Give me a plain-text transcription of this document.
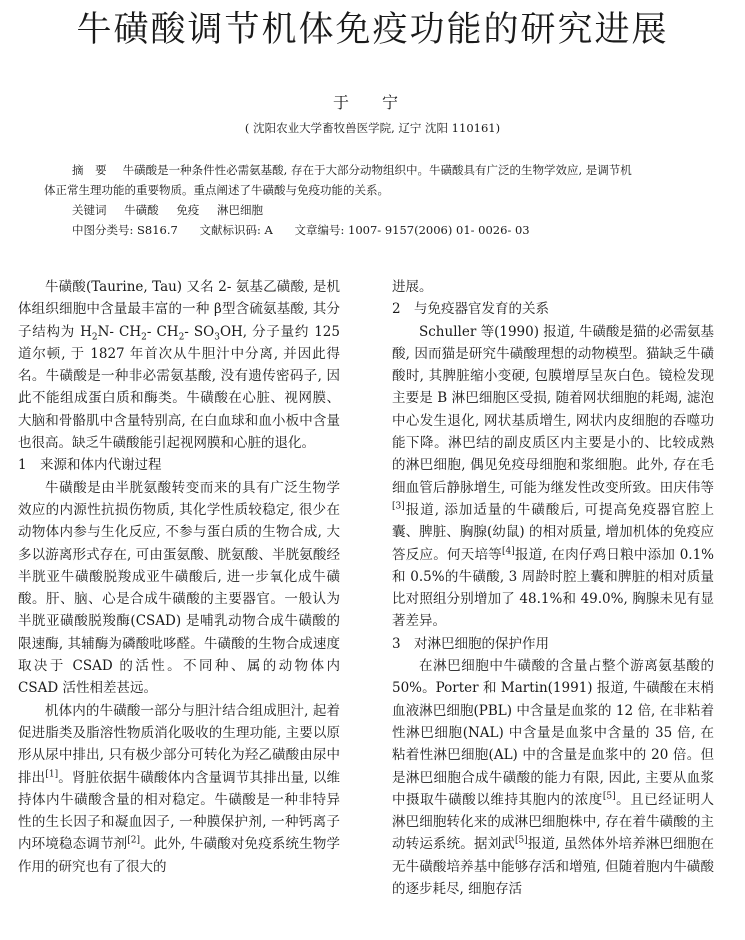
牛磺酸调节机体免疫功能的研究进展
于 宁
( 沈阳农业大学畜牧兽医学院, 辽宁 沈阳 110161)

摘 要 牛磺酸是一种条件性必需氨基酸, 存在于大部分动物组织中。牛磺酸具有广泛的生物学效应, 是调节机

体正常生理功能的重要物质。重点阐述了牛磺酸与免疫功能的关系。

关键词 牛磺酸 免疫 淋巴细胞

中图分类号: S816.7 文献标识码: A 文章编号: 1007- 9157(2006) 01- 0026- 03

牛磺酸(Taurine, Tau) 又名 2- 氨基乙磺酸, 是机体组织细胞中含量最丰富的一种 β型含硫氨基酸, 其分子结构为 $H_2N-$ $CH_2-$ $CH_2-$ $SO_3OH$, 分子量约 125 道尔顿, 于 1827 年首次从牛胆汁中分离, 并因此得名。牛磺酸是一种非必需氨基酸, 没有遗传密码子, 因此不能组成蛋白质和酶类。牛磺酸在心脏、视网膜、大脑和骨骼肌中含量特别高, 在白血球和血小板中含量也很高。缺乏牛磺酸能引起视网膜和心脏的退化。

1 来源和体内代谢过程

牛磺酸是由半胱氨酸转变而来的具有广泛生物学效应的内源性抗损伤物质, 其化学性质较稳定, 很少在动物体内参与生化反应, 不参与蛋白质的生物合成, 大多以游离形式存在, 可由蛋氨酸、胱氨酸、半胱氨酸经半胱亚牛磺酸脱羧成亚牛磺酸后, 进一步氧化成牛磺酸。肝、脑、心是合成牛磺酸的主要器官。一般认为半胱亚磺酸脱羧酶(CSAD) 是哺乳动物合成牛磺酸的限速酶, 其辅酶为磷酸吡哆醛。牛磺酸的生物合成速度取决于 CSAD 的活性。不同种、属的动物体内 CSAD 活性相差甚远。

机体内的牛磺酸一部分与胆汁结合组成胆汁, 起着促进脂类及脂溶性物质消化吸收的生理功能, 主要以原形从尿中排出, 只有极少部分可转化为羟乙磺酸由尿中排出[1]。肾脏依据牛磺酸体内含量调节其排出量, 以维持体内牛磺酸含量的相对稳定。牛磺酸是一种非特异性的生长因子和凝血因子, 一种膜保护剂, 一种钙离子内环境稳态调节剂[2]。此外, 牛磺酸对免疫系统生物学作用的研究也有了很大的

进展。

2 与免疫器官发育的关系

Schuller 等(1990) 报道, 牛磺酸是猫的必需氨基酸, 因而猫是研究牛磺酸理想的动物模型。猫缺乏牛磺酸时, 其脾脏缩小变硬, 包膜增厚呈灰白色。镜检发现主要是 B 淋巴细胞区受损, 随着网状细胞的耗竭, 滤泡中心发生退化, 网状基质增生, 网状内皮细胞的吞噬功能下降。淋巴结的副皮质区内主要是小的、比较成熟的淋巴细胞, 偶见免疫母细胞和浆细胞。此外, 存在毛细血管后静脉增生, 可能为继发性改变所致。田庆伟等[3]报道, 添加适量的牛磺酸后, 可提高免疫器官腔上囊、脾脏、胸腺(幼鼠) 的相对质量, 增加机体的免疫应答反应。何天培等[4]报道, 在肉仔鸡日粮中添加 0.1%和 0.5%的牛磺酸, 3 周龄时腔上囊和脾脏的相对质量比对照组分别增加了 48.1%和 49.0%, 胸腺未见有显著差异。

3 对淋巴细胞的保护作用

在淋巴细胞中牛磺酸的含量占整个游离氨基酸的 50%。Porter 和 Martin(1991) 报道, 牛磺酸在末梢血液淋巴细胞(PBL) 中含量是血浆的 12 倍, 在非粘着性淋巴细胞(NAL) 中含量是血浆中含量的 35 倍, 在粘着性淋巴细胞(AL) 中的含量是血浆中的 20 倍。但是淋巴细胞合成牛磺酸的能力有限, 因此, 主要从血浆中摄取牛磺酸以维持其胞内的浓度[5]。且已经证明人淋巴细胞转化来的成淋巴细胞株中, 存在着牛磺酸的主动转运系统。据刘武[5]报道, 虽然体外培养淋巴细胞在无牛磺酸培养基中能够存活和增殖, 但随着胞内牛磺酸的逐步耗尽, 细胞存活
